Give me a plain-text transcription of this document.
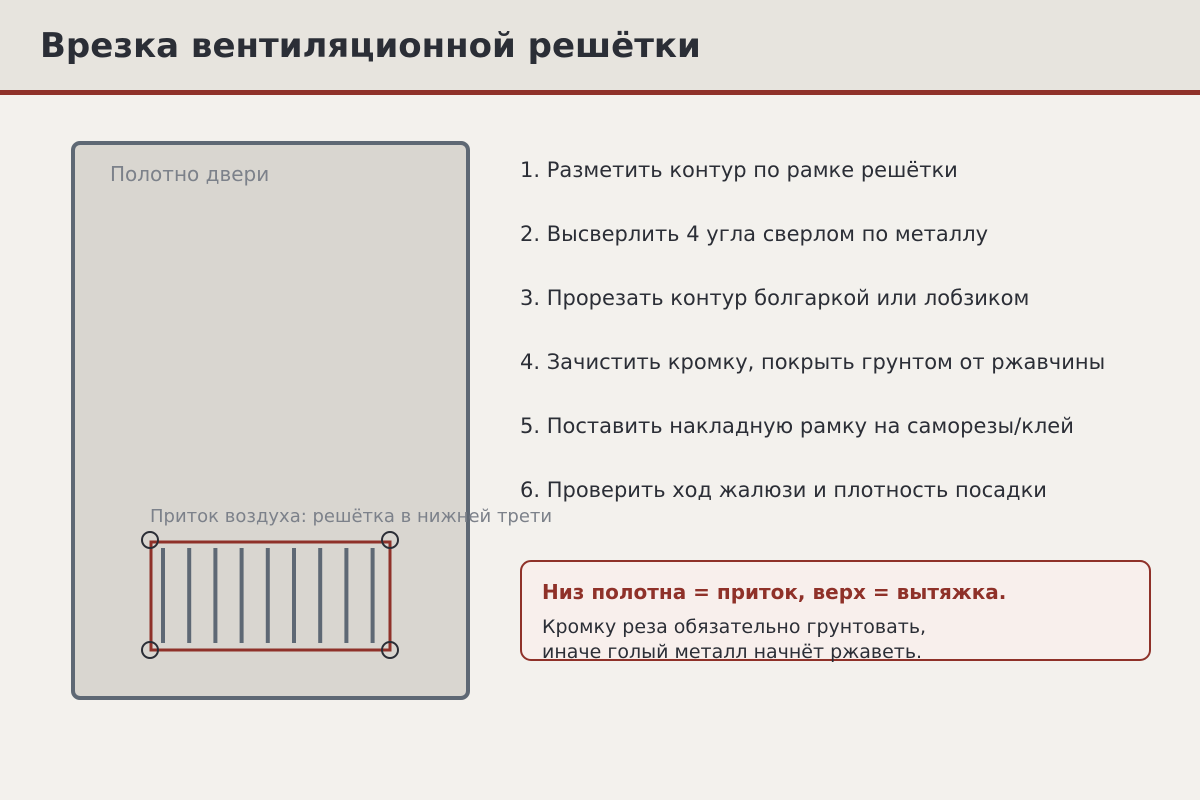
Врезка вентиляционной решётки
Полотно двери
Приток воздуха: решётка в нижней трети
1. Разметить контур по рамке решётки
2. Высверлить 4 угла сверлом по металлу
3. Прорезать контур болгаркой или лобзиком
4. Зачистить кромку, покрыть грунтом от ржавчины
5. Поставить накладную рамку на саморезы/клей
6. Проверить ход жалюзи и плотность посадки
Низ полотна = приток, верх = вытяжка.
Кромку реза обязательно грунтовать,
иначе голый металл начнёт ржаветь.
